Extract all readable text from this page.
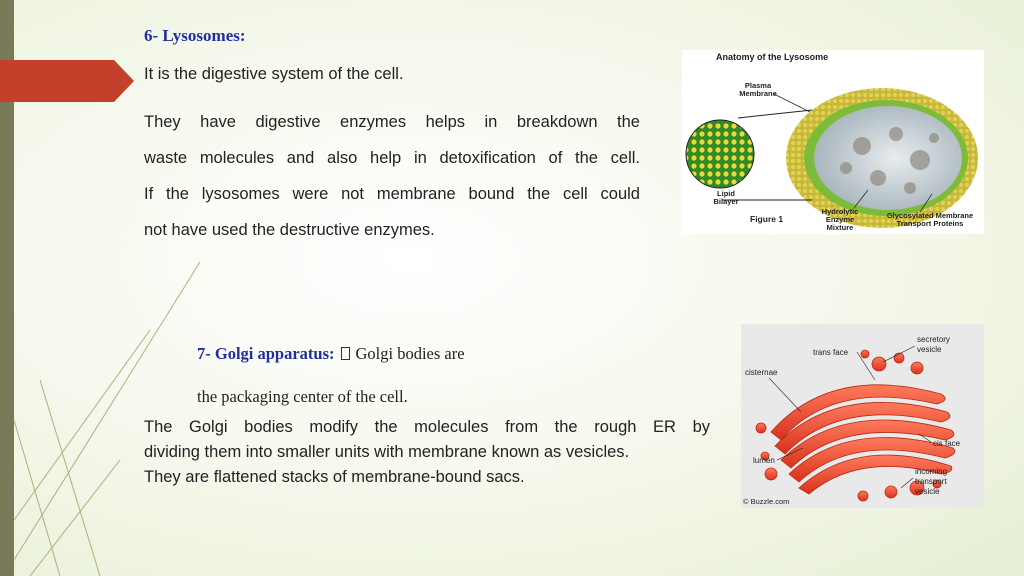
6- Lysosomes:
It is the digestive system of the cell.
They have digestive enzymes helps in breakdown the
waste molecules and also help in detoxification of the cell.
If the lysosomes were not membrane bound the cell could
not have used the destructive enzymes.
Anatomy of the Lysosome
Plasma
Membrane
Lipid
Bilayer
Hydrolytic
Enzyme
Mixture
Glycosylated Membrane
Transport Proteins
Figure 1
7- Golgi apparatus: Golgi bodies are
the packaging center of the cell.
The Golgi bodies modify the molecules from the rough ER by
dividing them into smaller units with membrane known as vesicles.
They are flattened stacks of membrane-bound sacs.
secretory
vesicle
trans face
cisternae
cis face
lumen
incoming
transport
vesicle
© Buzzle.com
